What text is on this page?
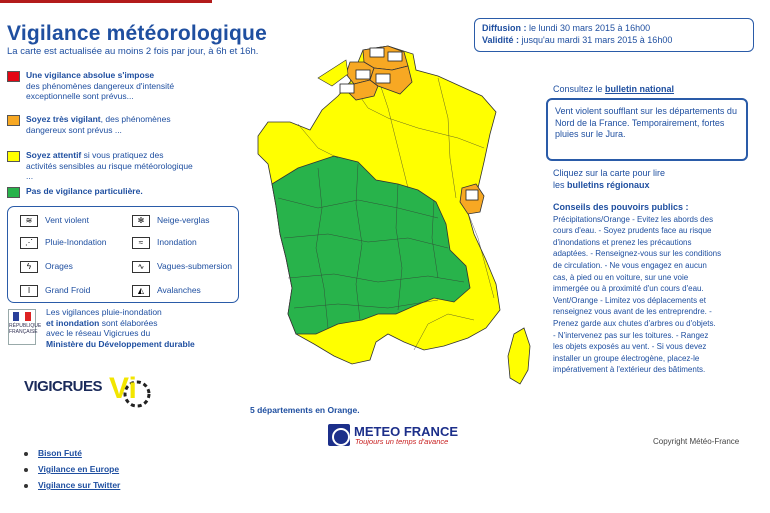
Vigilance météorologique
La carte est actualisée au moins 2 fois par jour, à 6h et 16h.
Une vigilance absolue s'impose
des phénomènes dangereux d'intensité exceptionnelle sont prévus...
Soyez très vigilant, des phénomènes dangereux sont prévus ...
Soyez attentif si vous pratiquez des activités sensibles au risque météorologique ...
Pas de vigilance particulière.
≋ Vent violent	✻ Neige-verglas
⋰ Pluie-Inondation	≈ Inondation
ϟ Orages	∿ Vagues-submersion
ǀ Grand Froid	◭ Avalanches
RÉPUBLIQUE FRANÇAISE
Les vigilances pluie-inondation
et inondation sont élaborées
avec le réseau Vigicrues du
Ministère du Développement durable
VIGICRUES Vi
Diffusion : le lundi 30 mars 2015 à 16h00
Validité : jusqu'au mardi 31 mars 2015 à 16h00
Consultez le bulletin national
Vent violent soufflant sur les départements du Nord de la France. Temporairement, fortes pluies sur le Jura.
Cliquez sur la carte pour lire
les bulletins régionaux
Conseils des pouvoirs publics :
Précipitations/Orange - Evitez les abords des
cours d'eau. - Soyez prudents face au risque
d'inondations et prenez les précautions
adaptées. - Renseignez-vous sur les conditions
de circulation. - Ne vous engagez en aucun
cas, à pied ou en voiture, sur une voie
immergée ou à proximité d'un cours d'eau.
Vent/Orange - Limitez vos déplacements et
renseignez vous avant de les entreprendre. -
Prenez garde aux chutes d'arbres ou d'objets.
- N'intervenez pas sur les toitures. - Rangez
les objets exposés au vent. - Si vous devez
installer un groupe électrogène, placez-le
impérativement à l'extérieur des bâtiments.
5 départements en Orange.
METEO FRANCE
Toujours un temps d'avance	Copyright Météo-France
Bison Futé
Vigilance en Europe
Vigilance sur Twitter
